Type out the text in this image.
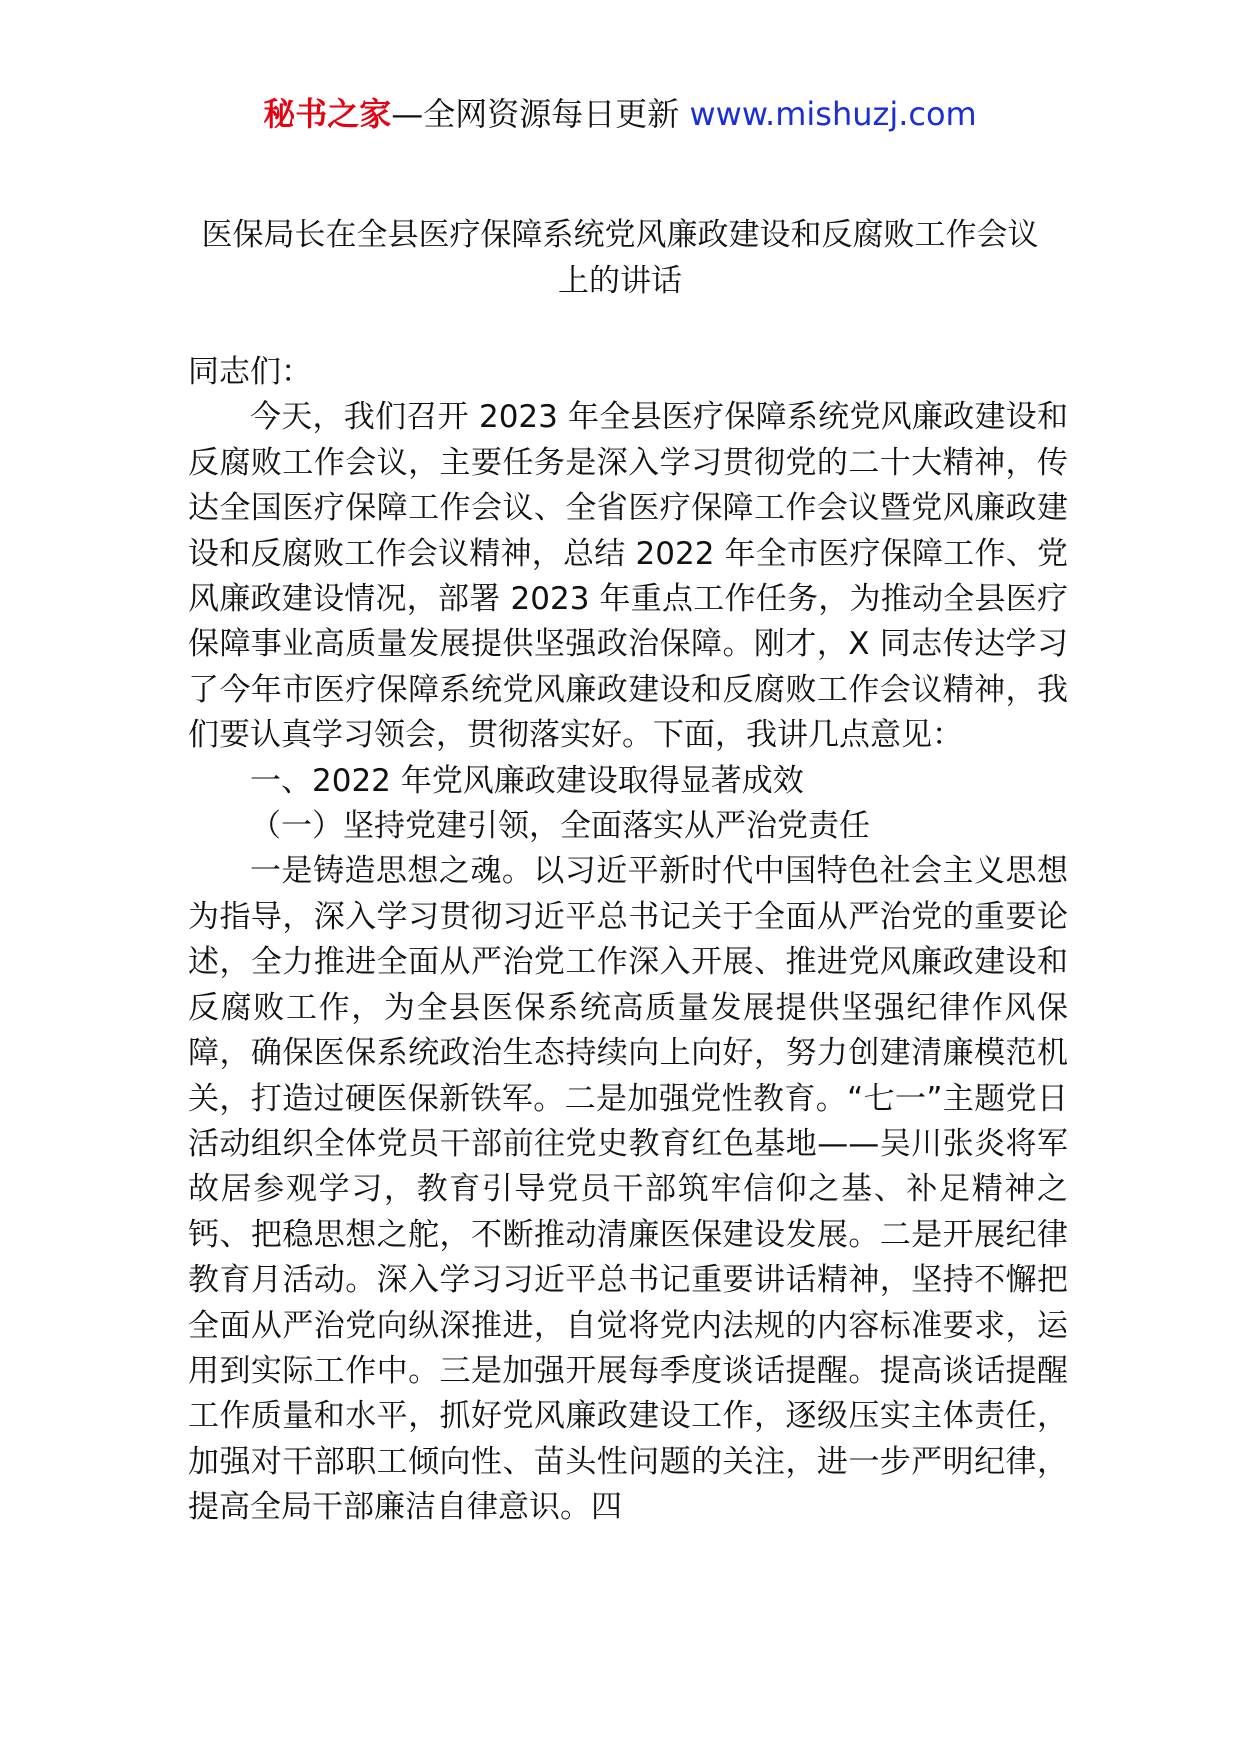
秘书之家—全网资源每日更新 www.mishuzj.com
医保局长在全县医疗保障系统党风廉政建设和反腐败工作会议
上的讲话

同志们：

今天，我们召开 2023 年全县医疗保障系统党风廉政建设和反腐败工作会议，主要任务是深入学习贯彻党的二十大精神，传达全国医疗保障工作会议、全省医疗保障工作会议暨党风廉政建设和反腐败工作会议精神，总结 2022 年全市医疗保障工作、党风廉政建设情况，部署 2023 年重点工作任务，为推动全县医疗保障事业高质量发展提供坚强政治保障。刚才，X 同志传达学习了今年市医疗保障系统党风廉政建设和反腐败工作会议精神，我们要认真学习领会，贯彻落实好。下面，我讲几点意见：

一、2022 年党风廉政建设取得显著成效

（一）坚持党建引领，全面落实从严治党责任

一是铸造思想之魂。以习近平新时代中国特色社会主义思想为指导，深入学习贯彻习近平总书记关于全面从严治党的重要论述，全力推进全面从严治党工作深入开展、推进党风廉政建设和反腐败工作，为全县医保系统高质量发展提供坚强纪律作风保障，确保医保系统政治生态持续向上向好，努力创建清廉模范机关，打造过硬医保新铁军。二是加强党性教育。“七一”主题党日活动组织全体党员干部前往党史教育红色基地——吴川张炎将军故居参观学习，教育引导党员干部筑牢信仰之基、补足精神之钙、把稳思想之舵，不断推动清廉医保建设发展。二是开展纪律教育月活动。深入学习习近平总书记重要讲话精神，坚持不懈把全面从严治党向纵深推进，自觉将党内法规的内容标准要求，运用到实际工作中。三是加强开展每季度谈话提醒。提高谈话提醒工作质量和水平，抓好党风廉政建设工作，逐级压实主体责任，加强对干部职工倾向性、苗头性问题的关注，进一步严明纪律，提高全局干部廉洁自律意识。四
